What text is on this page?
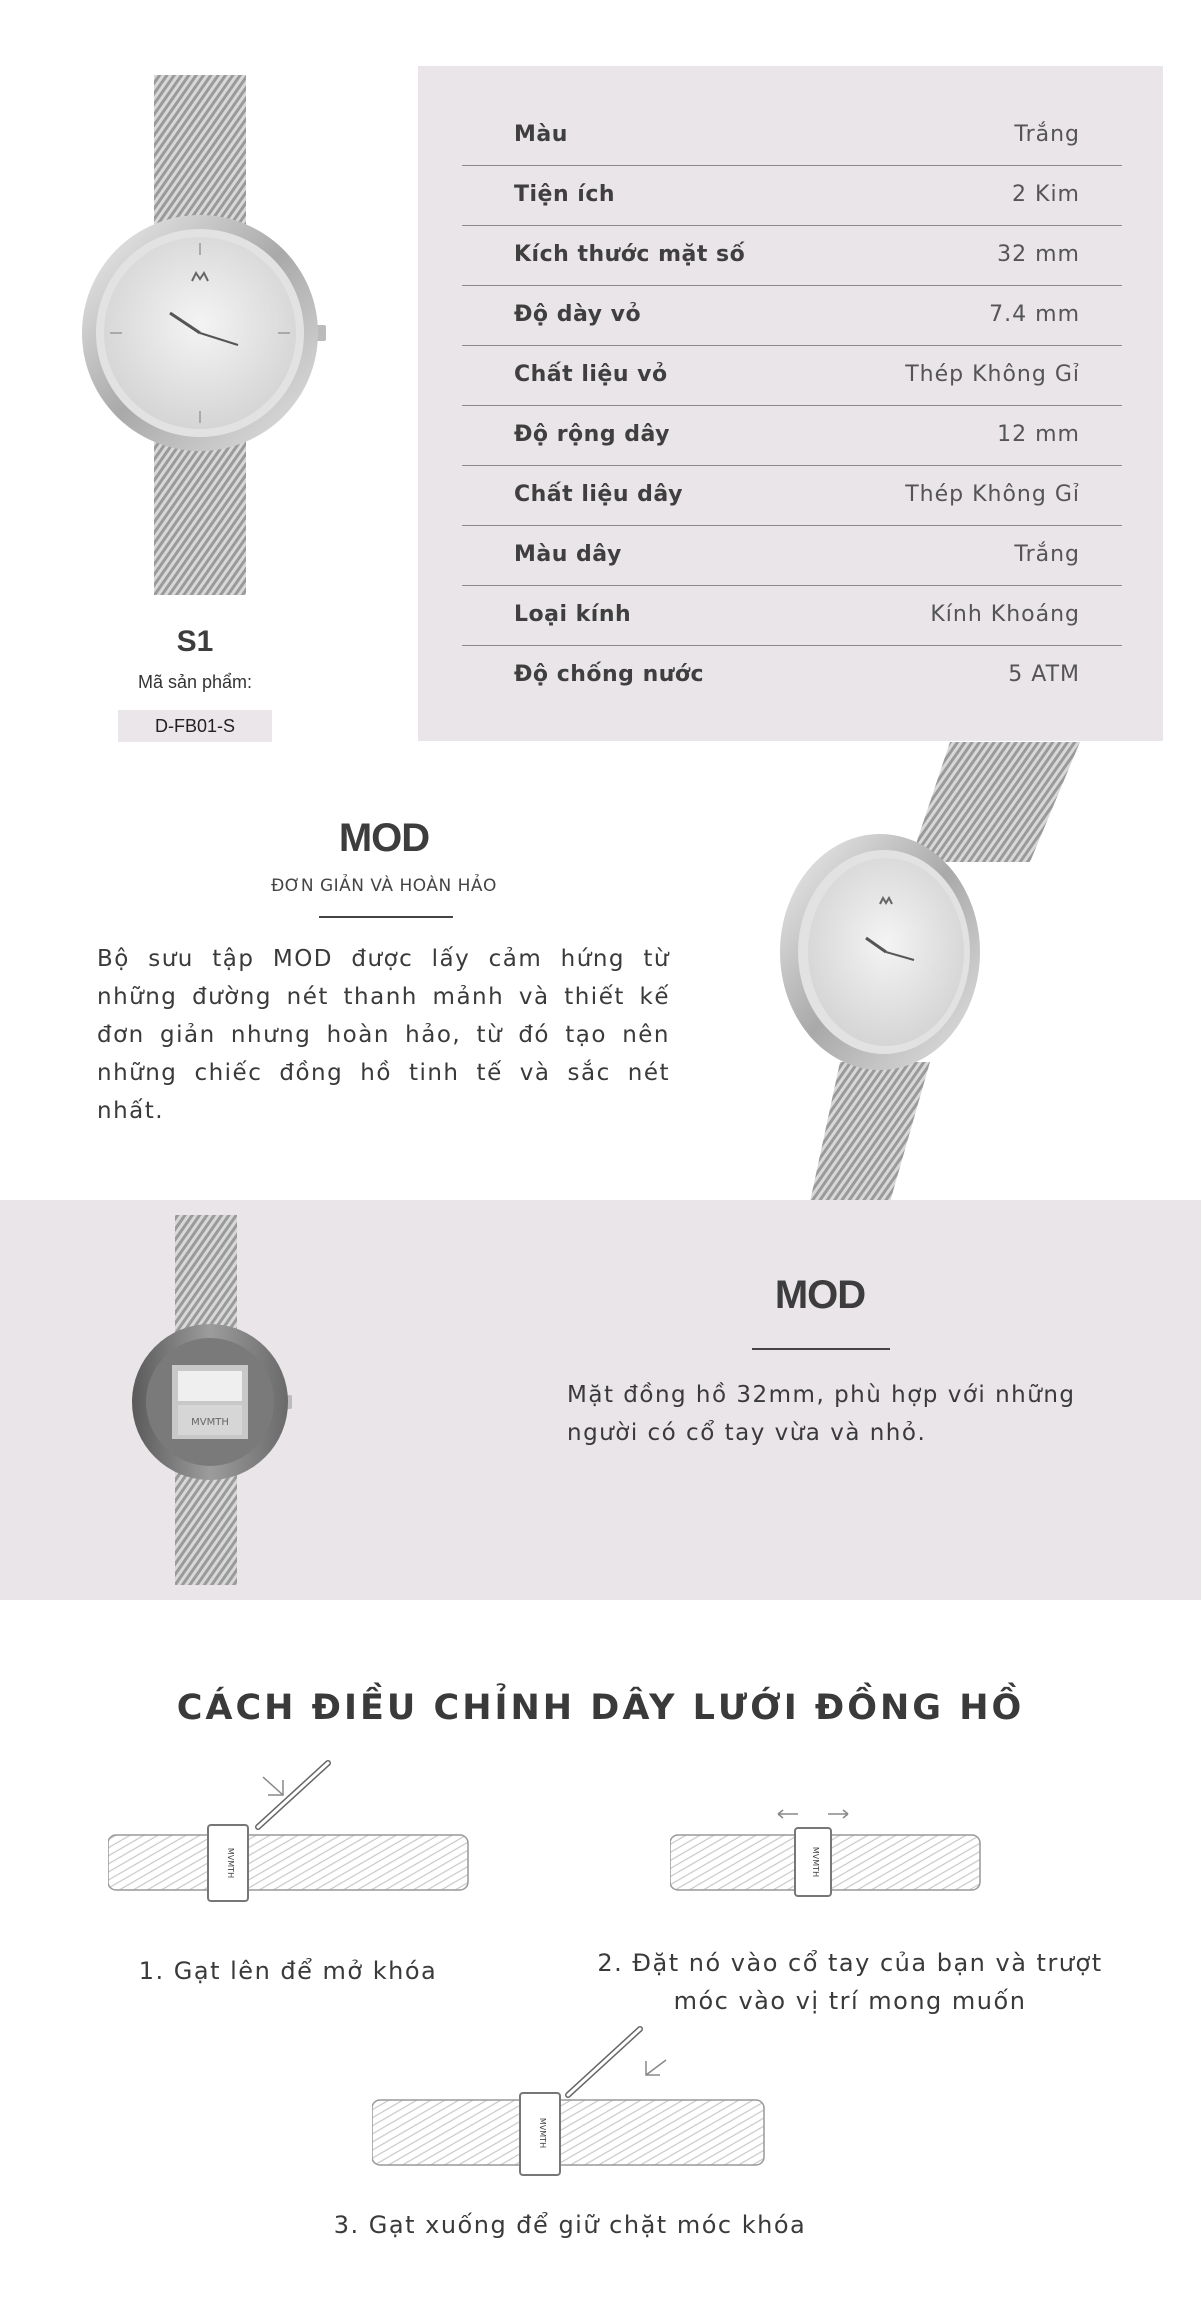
S1
Mã sản phẩm:
D-FB01-S
Màu	Trắng
Tiện ích	2 Kim
Kích thước mặt số	32 mm
Độ dày vỏ	7.4 mm
Chất liệu vỏ	Thép Không Gỉ
Độ rộng dây	12 mm
Chất liệu dây	Thép Không Gỉ
Màu dây	Trắng
Loại kính	Kính Khoáng
Độ chống nước	5 ATM
MOD
ĐƠN GIẢN VÀ HOÀN HẢO
Bộ sưu tập MOD được lấy cảm hứng từ những đường nét thanh mảnh và thiết kế đơn giản nhưng hoàn hảo, từ đó tạo nên những chiếc đồng hồ tinh tế và sắc nét nhất.
MVMTH
MOD
Mặt đồng hồ 32mm, phù hợp với những người có cổ tay vừa và nhỏ.
CÁCH ĐIỀU CHỈNH DÂY LƯỚI ĐỒNG HỒ
MVMTH	MVMTH
MVMTH
1. Gạt lên để mở khóa	2. Đặt nó vào cổ tay của bạn và trượt móc vào vị trí mong muốn
3. Gạt xuống để giữ chặt móc khóa
